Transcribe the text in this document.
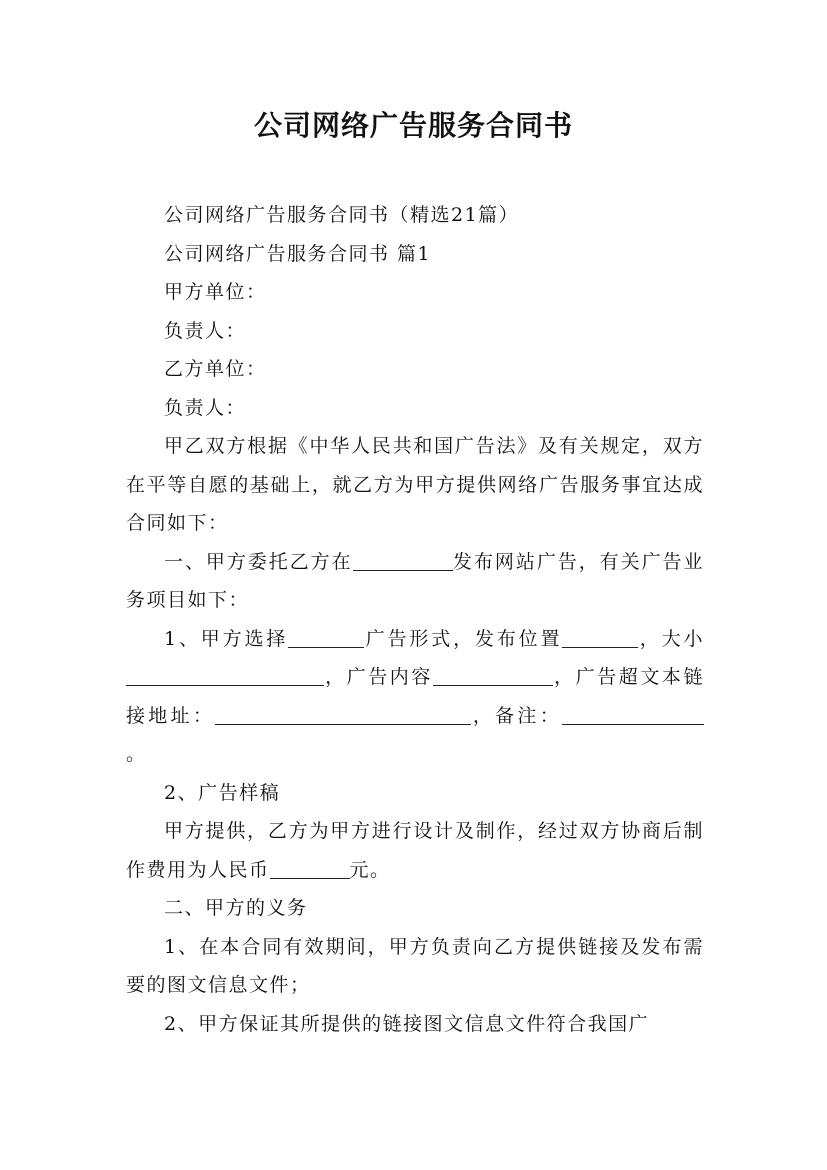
公司网络广告服务合同书

公司网络广告服务合同书（精选21篇）

公司网络广告服务合同书 篇1

甲方单位：

负责人：

乙方单位：

负责人：

甲乙双方根据《中华人民共和国广告法》及有关规定，双方在平等自愿的基础上，就乙方为甲方提供网络广告服务事宜达成合同如下：

一、甲方委托乙方在	发布网站广告，有关广告业务项目如下：

1、甲方选择	广告形式，发布位置	，大小，广告内容	，广告超文本链接地址：	，备注：。

2、广告样稿

甲方提供，乙方为甲方进行设计及制作，经过双方协商后制作费用为人民币	元。

二、甲方的义务

1、在本合同有效期间，甲方负责向乙方提供链接及发布需要的图文信息文件；

2、甲方保证其所提供的链接图文信息文件符合我国广
